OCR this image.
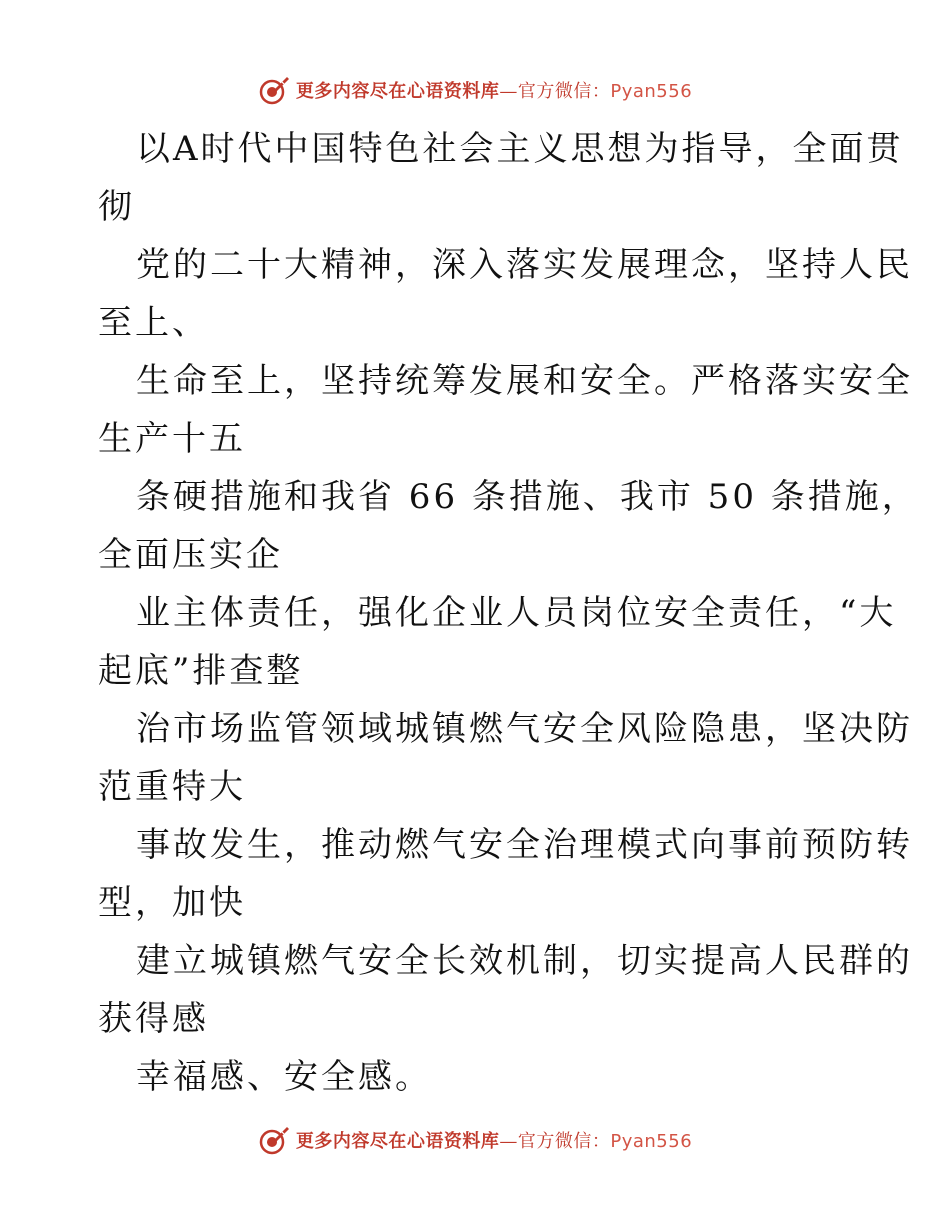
更多内容尽在心语资料库—官方微信：Pyan556
以A时代中国特色社会主义思想为指导，全面贯
彻
党的二十大精神，深入落实发展理念，坚持人民
至上、
生命至上，坚持统筹发展和安全。严格落实安全
生产十五
条硬措施和我省 66 条措施、我市 50 条措施，
全面压实企
业主体责任，强化企业人员岗位安全责任，“大
起底”排查整
治市场监管领域城镇燃气安全风险隐患，坚决防
范重特大
事故发生，推动燃气安全治理模式向事前预防转
型，加快
建立城镇燃气安全长效机制，切实提高人民群的
获得感
幸福感、安全感。
更多内容尽在心语资料库—官方微信：Pyan556
